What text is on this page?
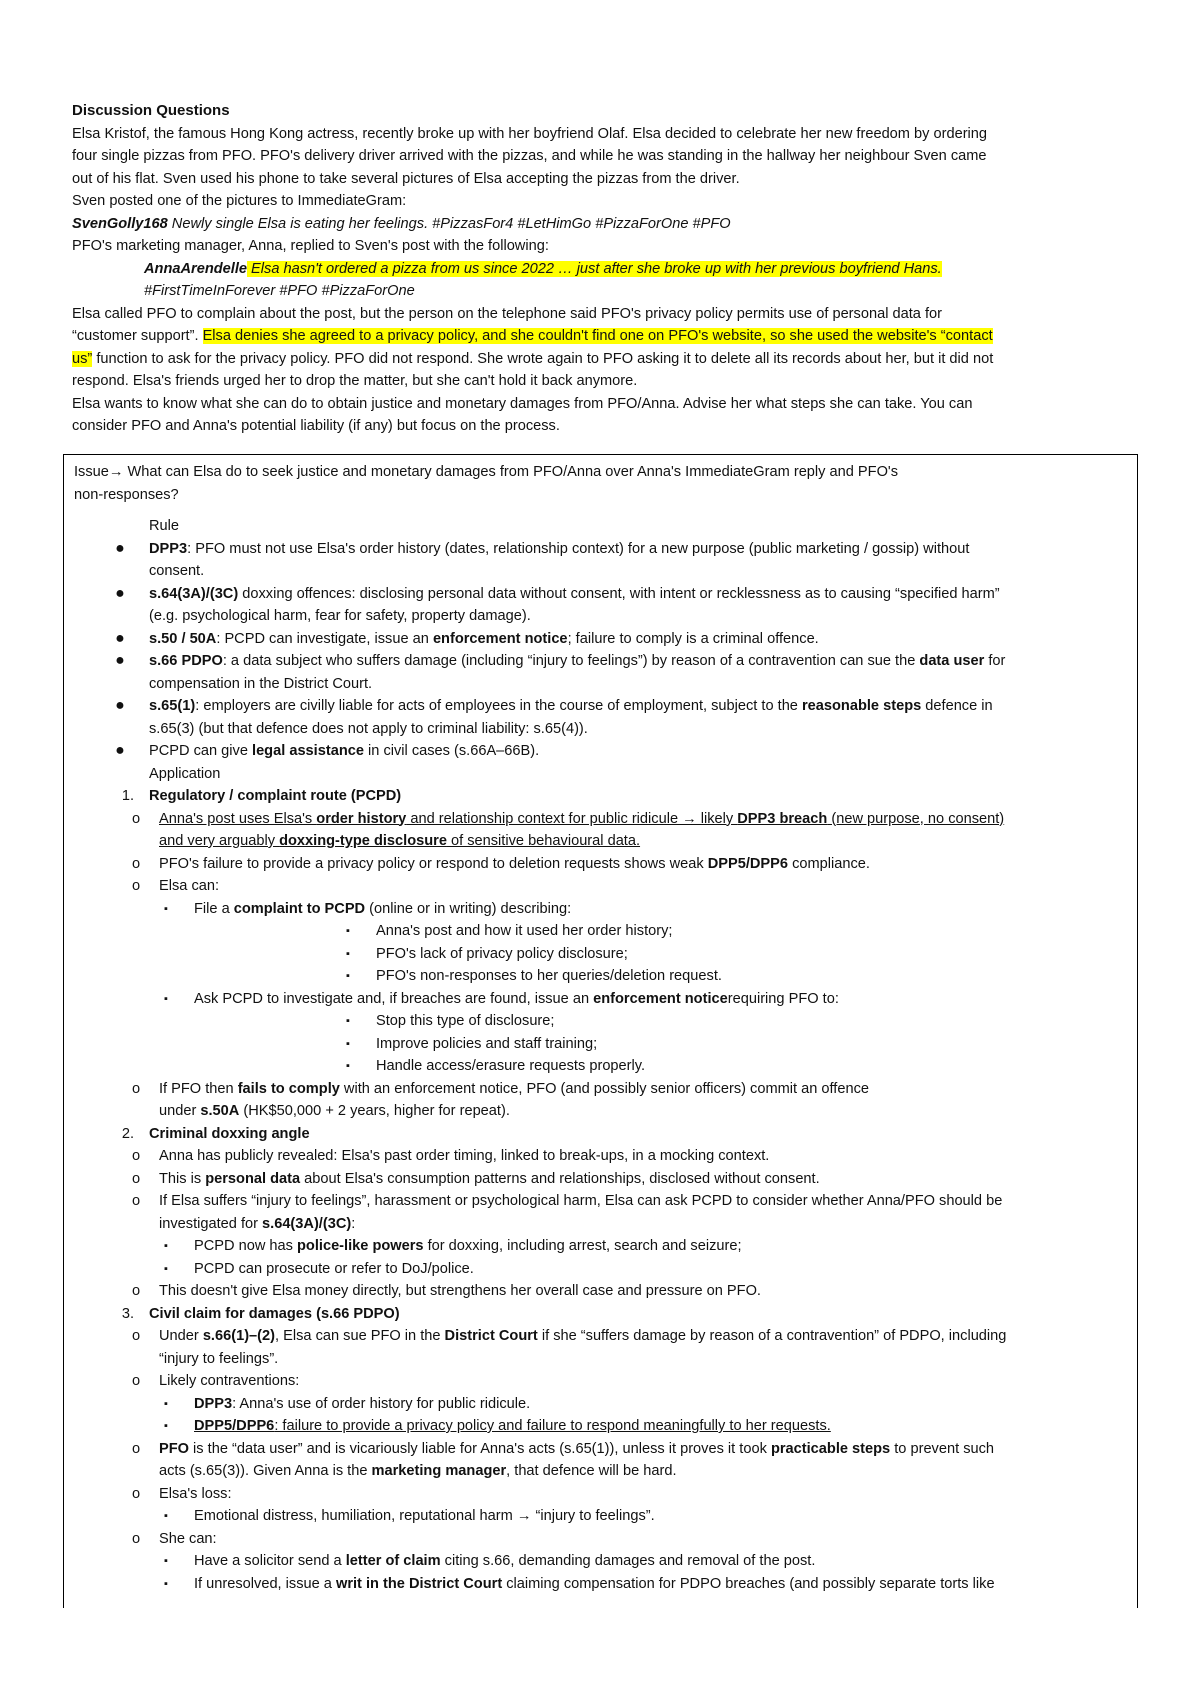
Discussion Questions
Elsa Kristof, the famous Hong Kong actress, recently broke up with her boyfriend Olaf. Elsa decided to celebrate her new freedom by ordering
four single pizzas from PFO. PFO's delivery driver arrived with the pizzas, and while he was standing in the hallway her neighbour Sven came
out of his flat. Sven used his phone to take several pictures of Elsa accepting the pizzas from the driver.
Sven posted one of the pictures to ImmediateGram:
SvenGolly168 Newly single Elsa is eating her feelings. #PizzasFor4 #LetHimGo #PizzaForOne #PFO
PFO's marketing manager, Anna, replied to Sven's post with the following:
AnnaArendelle Elsa hasn't ordered a pizza from us since 2022 … just after she broke up with her previous boyfriend Hans.
#FirstTimeInForever #PFO #PizzaForOne
Elsa called PFO to complain about the post, but the person on the telephone said PFO's privacy policy permits use of personal data for
“customer support”. Elsa denies she agreed to a privacy policy, and she couldn't find one on PFO's website, so she used the website's “contact
us” function to ask for the privacy policy. PFO did not respond. She wrote again to PFO asking it to delete all its records about her, but it did not
respond. Elsa's friends urged her to drop the matter, but she can't hold it back anymore.
Elsa wants to know what she can do to obtain justice and monetary damages from PFO/Anna. Advise her what steps she can take. You can
consider PFO and Anna's potential liability (if any) but focus on the process.
Issue→ What can Elsa do to seek justice and monetary damages from PFO/Anna over Anna's ImmediateGram reply and PFO's
non-responses?
Rule
● DPP3: PFO must not use Elsa's order history (dates, relationship context) for a new purpose (public marketing / gossip) without
consent.
● s.64(3A)/(3C) doxxing offences: disclosing personal data without consent, with intent or recklessness as to causing “specified harm”
(e.g. psychological harm, fear for safety, property damage).
● s.50 / 50A: PCPD can investigate, issue an enforcement notice; failure to comply is a criminal offence.
● s.66 PDPO: a data subject who suffers damage (including “injury to feelings”) by reason of a contravention can sue the data user for
compensation in the District Court.
● s.65(1): employers are civilly liable for acts of employees in the course of employment, subject to the reasonable steps defence in
s.65(3) (but that defence does not apply to criminal liability: s.65(4)).
● PCPD can give legal assistance in civil cases (s.66A–66B).
Application
1. Regulatory / complaint route (PCPD)
o Anna's post uses Elsa's order history and relationship context for public ridicule → likely DPP3 breach (new purpose, no consent)
and very arguably doxxing-type disclosure of sensitive behavioural data.
o PFO's failure to provide a privacy policy or respond to deletion requests shows weak DPP5/DPP6 compliance.
o Elsa can:
▪ File a complaint to PCPD (online or in writing) describing:
▪ Anna's post and how it used her order history;
▪ PFO's lack of privacy policy disclosure;
▪ PFO's non-responses to her queries/deletion request.
▪ Ask PCPD to investigate and, if breaches are found, issue an enforcement noticerequiring PFO to:
▪ Stop this type of disclosure;
▪ Improve policies and staff training;
▪ Handle access/erasure requests properly.
o If PFO then fails to comply with an enforcement notice, PFO (and possibly senior officers) commit an offence
under s.50A (HK$50,000 + 2 years, higher for repeat).
2. Criminal doxxing angle
o Anna has publicly revealed: Elsa's past order timing, linked to break-ups, in a mocking context.
o This is personal data about Elsa's consumption patterns and relationships, disclosed without consent.
o If Elsa suffers “injury to feelings”, harassment or psychological harm, Elsa can ask PCPD to consider whether Anna/PFO should be
investigated for s.64(3A)/(3C):
▪ PCPD now has police-like powers for doxxing, including arrest, search and seizure;
▪ PCPD can prosecute or refer to DoJ/police.
o This doesn't give Elsa money directly, but strengthens her overall case and pressure on PFO.
3. Civil claim for damages (s.66 PDPO)
o Under s.66(1)–(2), Elsa can sue PFO in the District Court if she “suffers damage by reason of a contravention” of PDPO, including
“injury to feelings”.
o Likely contraventions:
▪ DPP3: Anna's use of order history for public ridicule.
▪ DPP5/DPP6: failure to provide a privacy policy and failure to respond meaningfully to her requests.
o PFO is the “data user” and is vicariously liable for Anna's acts (s.65(1)), unless it proves it took practicable steps to prevent such
acts (s.65(3)). Given Anna is the marketing manager, that defence will be hard.
o Elsa's loss:
▪ Emotional distress, humiliation, reputational harm → “injury to feelings”.
o She can:
▪ Have a solicitor send a letter of claim citing s.66, demanding damages and removal of the post.
▪ If unresolved, issue a writ in the District Court claiming compensation for PDPO breaches (and possibly separate torts like
